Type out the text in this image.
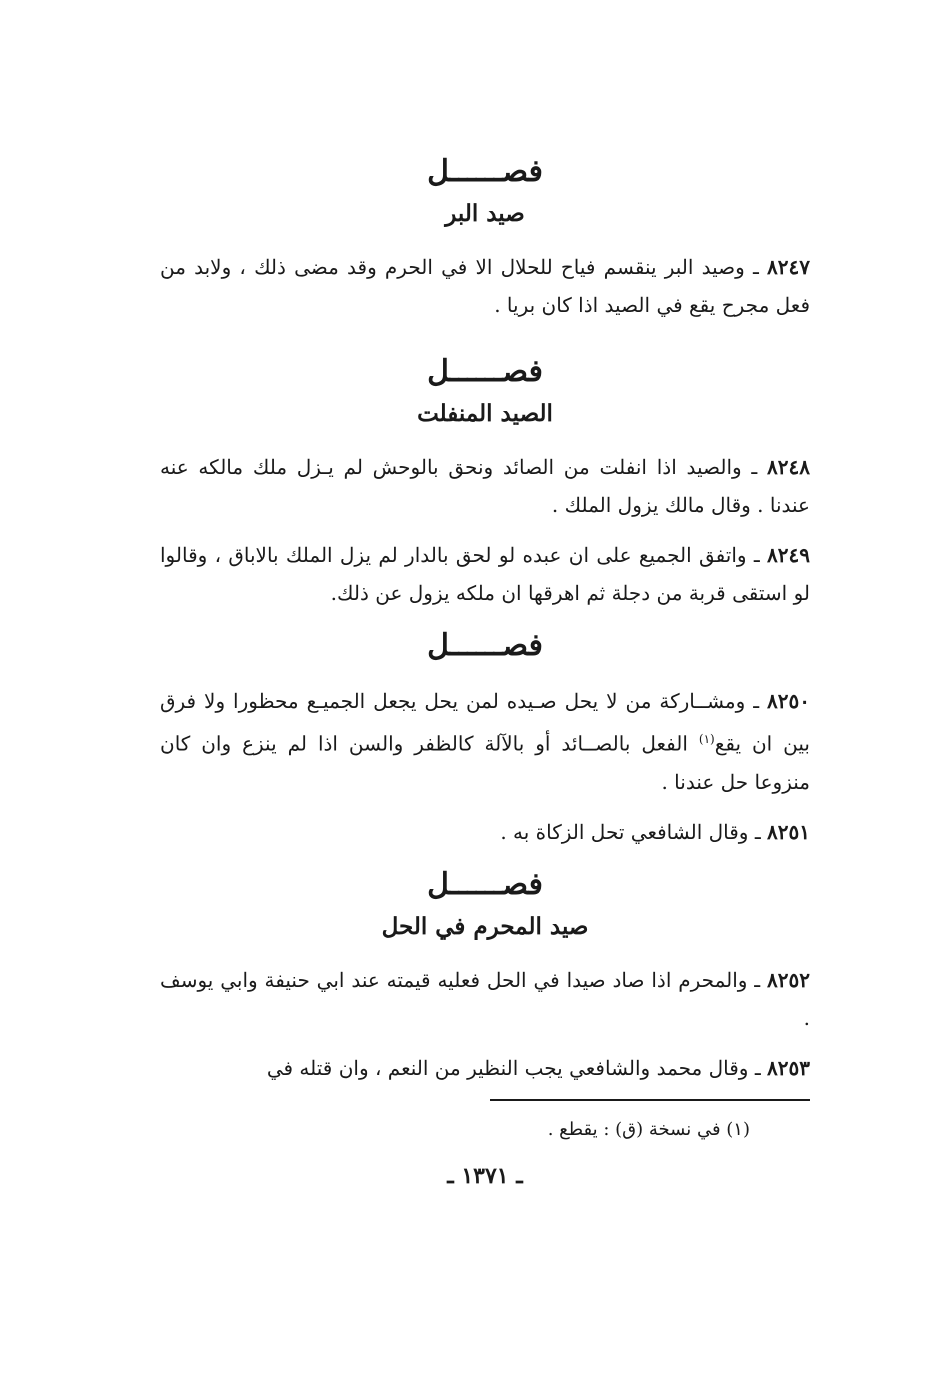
فصــــــل
صيد البر

٨٢٤٧ ـ وصيد البر ينقسم فياح للحلال الا في الحرم وقد مضى ذلك ، ولابد من فعل مجرح يقع في الصيد اذا كان بريا .

فصــــــل
الصيد المنفلت

٨٢٤٨ ـ والصيد اذا انفلت من الصائد ونحق بالوحش لم يـزل ملك مالكه عنه عندنا . وقال مالك يزول الملك .

٨٢٤٩ ـ واتفق الجميع على ان عبده لو لحق بالدار لم يزل الملك بالاباق ، وقالوا لو استقى قربة من دجلة ثم اهرقها ان ملكه يزول عن ذلك.

فصــــــل

٨٢٥٠ ـ ومشــاركة من لا يحل صـيده لمن يحل يجعل الجميـع محظورا ولا فرق بين ان يقع$^{(١)}$ الفعل بالصــائد أو بالآلة كالظفر والسن اذا لم ينزع وان كان منزوعا حل عندنا .

٨٢٥١ ـ وقال الشافعي تحل الزكاة به .

فصــــــل
صيد المحرم في الحل

٨٢٥٢ ـ والمحرم اذا صاد صيدا في الحل فعليه قيمته عند ابي حنيفة وابي يوسف .

٨٢٥٣ ـ وقال محمد والشافعي يجب النظير من النعم ، وان قتله في

(١) في نسخة (ق) : يقطع .

ـ ١٣٧١ ـ
